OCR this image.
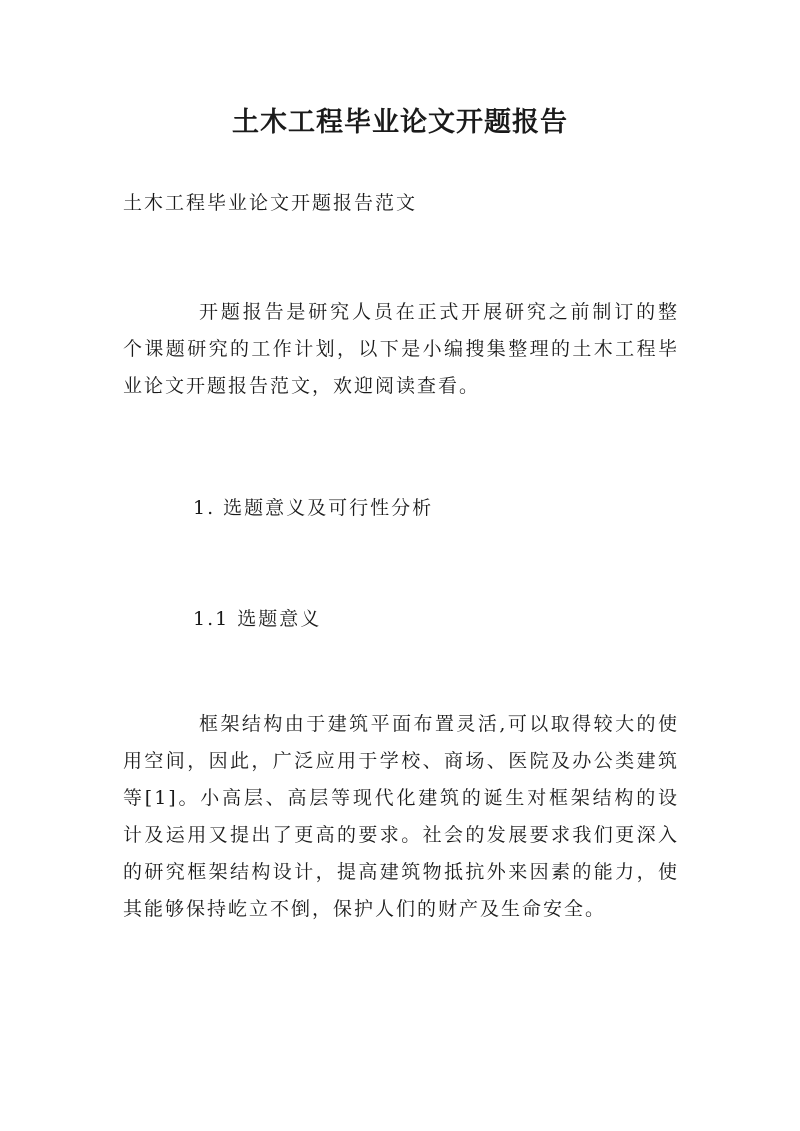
土木工程毕业论文开题报告

土木工程毕业论文开题报告范文

开题报告是研究人员在正式开展研究之前制订的整个课题研究的工作计划，以下是小编搜集整理的土木工程毕业论文开题报告范文，欢迎阅读查看。

1. 选题意义及可行性分析

1.1 选题意义

框架结构由于建筑平面布置灵活,可以取得较大的使用空间，因此，广泛应用于学校、商场、医院及办公类建筑等[1]。小高层、高层等现代化建筑的诞生对框架结构的设计及运用又提出了更高的要求。社会的发展要求我们更深入的研究框架结构设计，提高建筑物抵抗外来因素的能力，使其能够保持屹立不倒，保护人们的财产及生命安全。
